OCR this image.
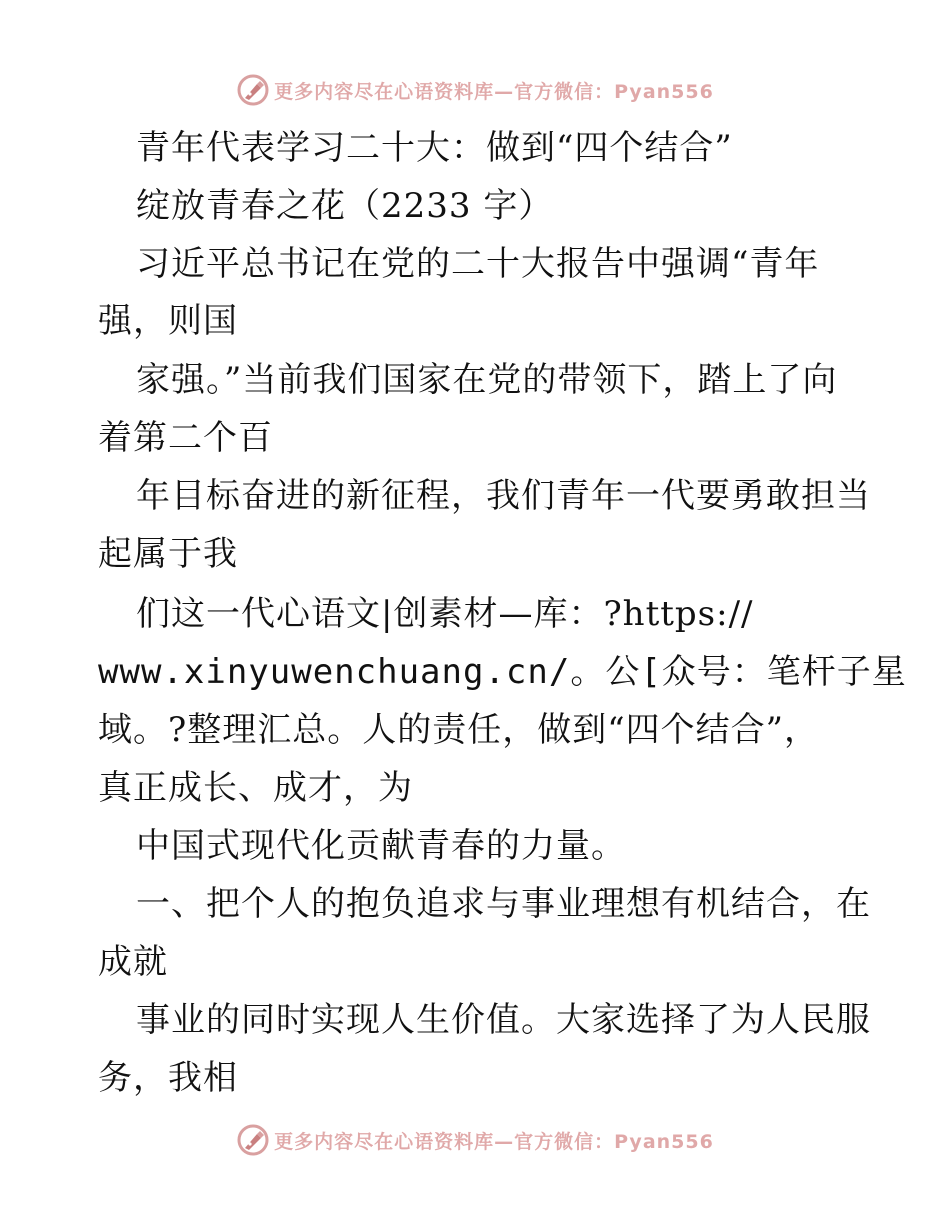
更多内容尽在心语资料库—官方微信：Pyan556
青年代表学习二十大：做到“四个结合”
绽放青春之花（2233 字）
习近平总书记在党的二十大报告中强调“青年
强，则国
家强。”当前我们国家在党的带领下，踏上了向
着第二个百
年目标奋进的新征程，我们青年一代要勇敢担当
起属于我
们这一代心语文|创素材—库：?https://
www.xinyuwenchuang.cn/。公[众号：笔杆子星
域。?整理汇总。人的责任，做到“四个结合”，
真正成长、成才，为
中国式现代化贡献青春的力量。
一、把个人的抱负追求与事业理想有机结合，在
成就
事业的同时实现人生价值。大家选择了为人民服
务，我相
更多内容尽在心语资料库—官方微信：Pyan556
